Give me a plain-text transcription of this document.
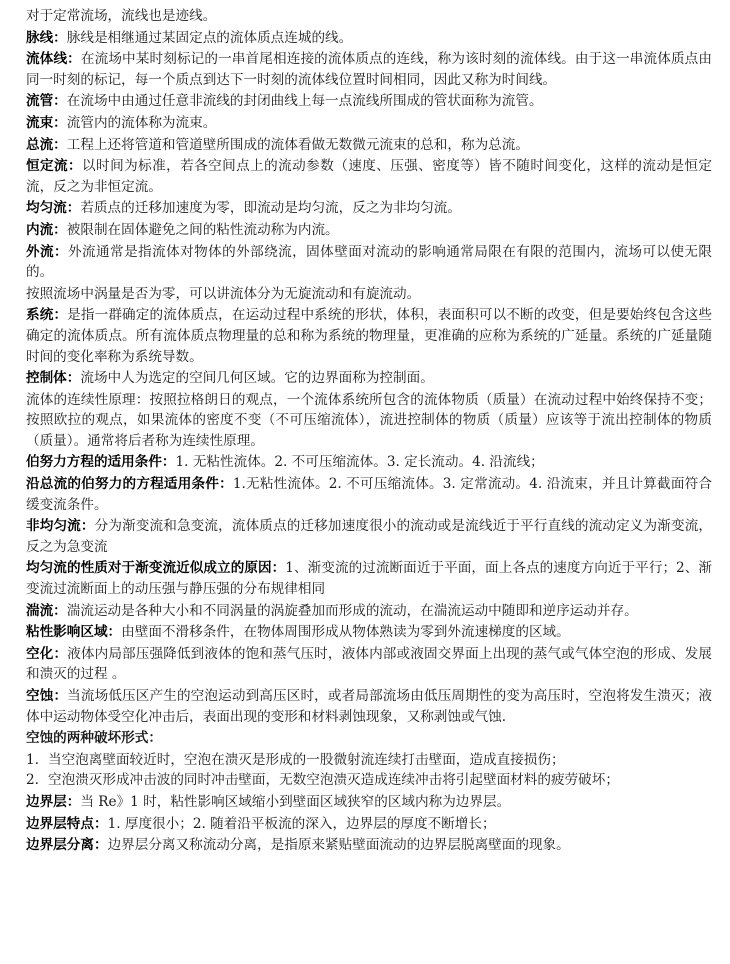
对于定常流场，流线也是迹线。

脉线：脉线是相继通过某固定点的流体质点连城的线。

流体线：在流场中某时刻标记的一串首尾相连接的流体质点的连线，称为该时刻的流体线。由于这一串流体质点由同一时刻的标记，每一个质点到达下一时刻的流体线位置时间相同，因此又称为时间线。

流管：在流场中由通过任意非流线的封闭曲线上每一点流线所围成的管状面称为流管。

流束：流管内的流体称为流束。

总流：工程上还将管道和管道壁所围成的流体看做无数微元流束的总和，称为总流。

恒定流：以时间为标准，若各空间点上的流动参数（速度、压强、密度等）皆不随时间变化，这样的流动是恒定流，反之为非恒定流。

均匀流：若质点的迁移加速度为零，即流动是均匀流，反之为非均匀流。

内流：被限制在固体避免之间的粘性流动称为内流。

外流：外流通常是指流体对物体的外部绕流，固体壁面对流动的影响通常局限在有限的范围内，流场可以使无限的。

按照流场中涡量是否为零，可以讲流体分为无旋流动和有旋流动。

系统：是指一群确定的流体质点，在运动过程中系统的形状，体积，表面积可以不断的改变，但是要始终包含这些确定的流体质点。所有流体质点物理量的总和称为系统的物理量，更准确的应称为系统的广延量。系统的广延量随时间的变化率称为系统导数。

控制体：流场中人为选定的空间几何区域。它的边界面称为控制面。

流体的连续性原理：按照拉格朗日的观点，一个流体系统所包含的流体物质（质量）在流动过程中始终保持不变；按照欧拉的观点，如果流体的密度不变（不可压缩流体），流进控制体的物质（质量）应该等于流出控制体的物质（质量）。通常将后者称为连续性原理。

伯努力方程的适用条件：1. 无粘性流体。2. 不可压缩流体。3. 定长流动。4. 沿流线；

沿总流的伯努力的方程适用条件：1.无粘性流体。2. 不可压缩流体。3. 定常流动。4. 沿流束，并且计算截面符合缓变流条件。

非均匀流：分为渐变流和急变流，流体质点的迁移加速度很小的流动或是流线近于平行直线的流动定义为渐变流，反之为急变流

均匀流的性质对于渐变流近似成立的原因：1、渐变流的过流断面近于平面，面上各点的速度方向近于平行；2、渐变流过流断面上的动压强与静压强的分布规律相同

湍流：湍流运动是各种大小和不同涡量的涡旋叠加而形成的流动，在湍流运动中随即和逆序运动并存。

粘性影响区域：由壁面不滑移条件，在物体周围形成从物体熟读为零到外流速梯度的区域。

空化：液体内局部压强降低到液体的饱和蒸气压时，液体内部或液固交界面上出现的蒸气或气体空泡的形成、发展和溃灭的过程 。

空蚀：当流场低压区产生的空泡运动到高压区时，或者局部流场由低压周期性的变为高压时，空泡将发生溃灭；液体中运动物体受空化冲击后，表面出现的变形和材料剥蚀现象，又称剥蚀或气蚀.

空蚀的两种破坏形式：

1. 当空泡离壁面较近时，空泡在溃灭是形成的一股微射流连续打击壁面，造成直接损伤；
2. 空泡溃灭形成冲击波的同时冲击壁面，无数空泡溃灭造成连续冲击将引起壁面材料的疲劳破坏；

边界层：当 Re》1 时，粘性影响区域缩小到壁面区域狭窄的区域内称为边界层。

边界层特点：1. 厚度很小；2. 随着沿平板流的深入，边界层的厚度不断增长；

边界层分离：边界层分离又称流动分离，是指原来紧贴壁面流动的边界层脱离壁面的现象。
